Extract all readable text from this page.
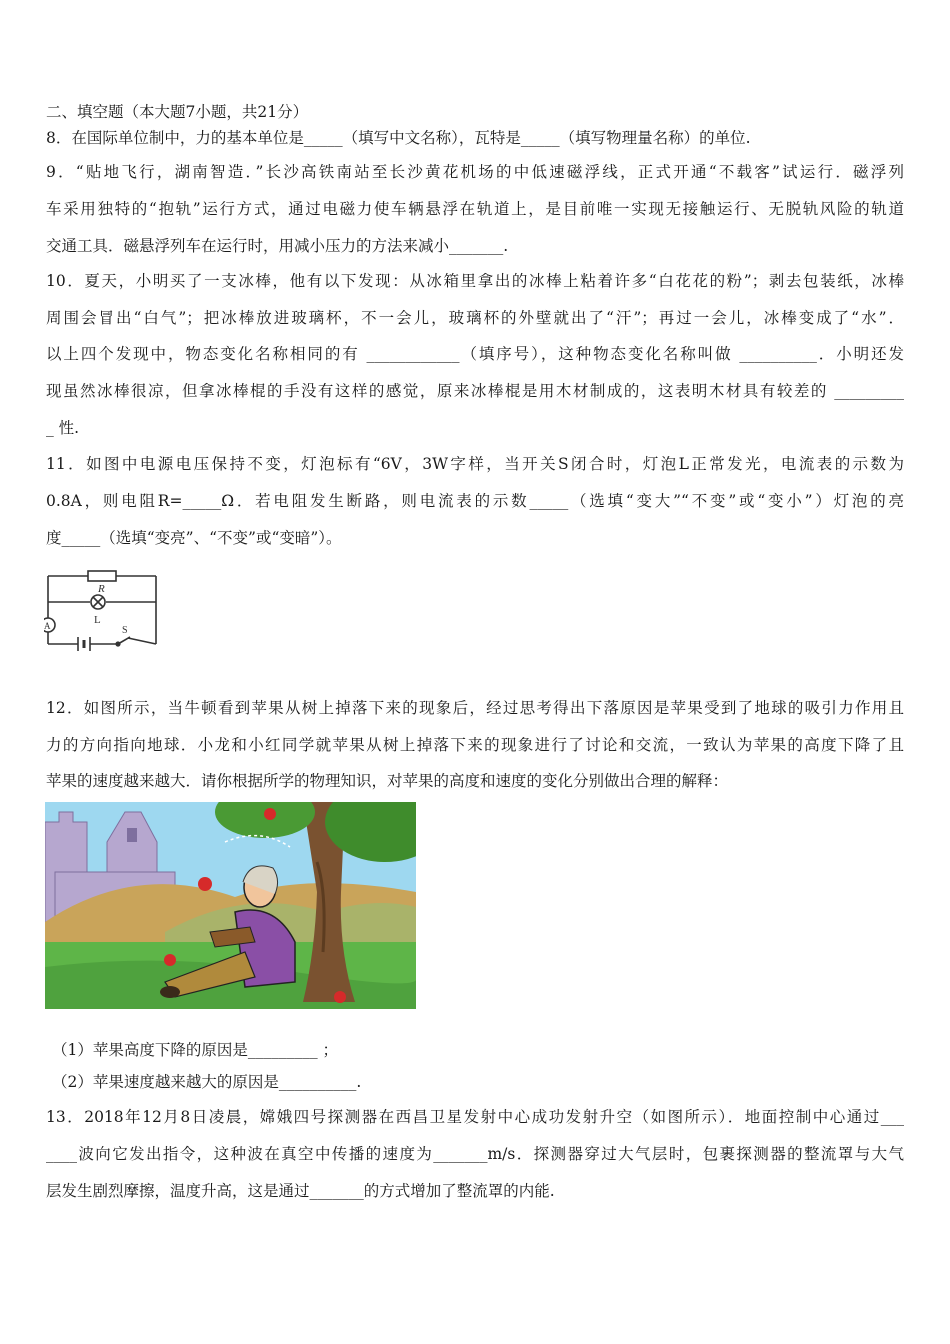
二、填空题（本大题7小题，共21分）
8．在国际单位制中，力的基本单位是_____（填写中文名称），瓦特是_____（填写物理量名称）的单位.
9．“贴地飞行，湖南智造．”长沙高铁南站至长沙黄花机场的中低速磁浮线，正式开通“不载客”试运行．磁浮列
车采用独特的“抱轨”运行方式，通过电磁力使车辆悬浮在轨道上，是目前唯一实现无接触运行、无脱轨风险的轨道
交通工具．磁悬浮列车在运行时，用减小压力的方法来减小_______.
10．夏天，小明买了一支冰棒，他有以下发现：从冰箱里拿出的冰棒上粘着许多“白花花的粉”；剥去包装纸，冰棒
周围会冒出“白气”；把冰棒放进玻璃杯，不一会儿，玻璃杯的外壁就出了“汗”；再过一会儿，冰棒变成了“水”．
以上四个发现中，物态变化名称相同的有 ____________（填序号），这种物态变化名称叫做 __________．小明还发
现虽然冰棒很凉，但拿冰棒棍的手没有这样的感觉，原来冰棒棍是用木材制成的，这表明木材具有较差的 _________
_ 性.
11．如图中电源电压保持不变，灯泡标有“6V，3W字样，当开关S闭合时，灯泡L正常发光，电流表的示数为
0.8A，则电阻R=_____Ω．若电阻发生断路，则电流表的示数_____（选填“变大”“不变”或“变小”）灯泡的亮
度_____（选填“变亮”、“不变”或“变暗”）。
R
L
A	S
12．如图所示，当牛顿看到苹果从树上掉落下来的现象后，经过思考得出下落原因是苹果受到了地球的吸引力作用且
力的方向指向地球．小龙和小红同学就苹果从树上掉落下来的现象进行了讨论和交流，一致认为苹果的高度下降了且
苹果的速度越来越大．请你根据所学的物理知识，对苹果的高度和速度的变化分别做出合理的解释：
（1）苹果高度下降的原因是_________ ；
（2）苹果速度越来越大的原因是__________.
13．2018年12月8日凌晨，嫦娥四号探测器在西昌卫星发射中心成功发射升空（如图所示）．地面控制中心通过___
____波向它发出指令，这种波在真空中传播的速度为_______m/s．探测器穿过大气层时，包裹探测器的整流罩与大气
层发生剧烈摩擦，温度升高，这是通过_______的方式增加了整流罩的内能.
